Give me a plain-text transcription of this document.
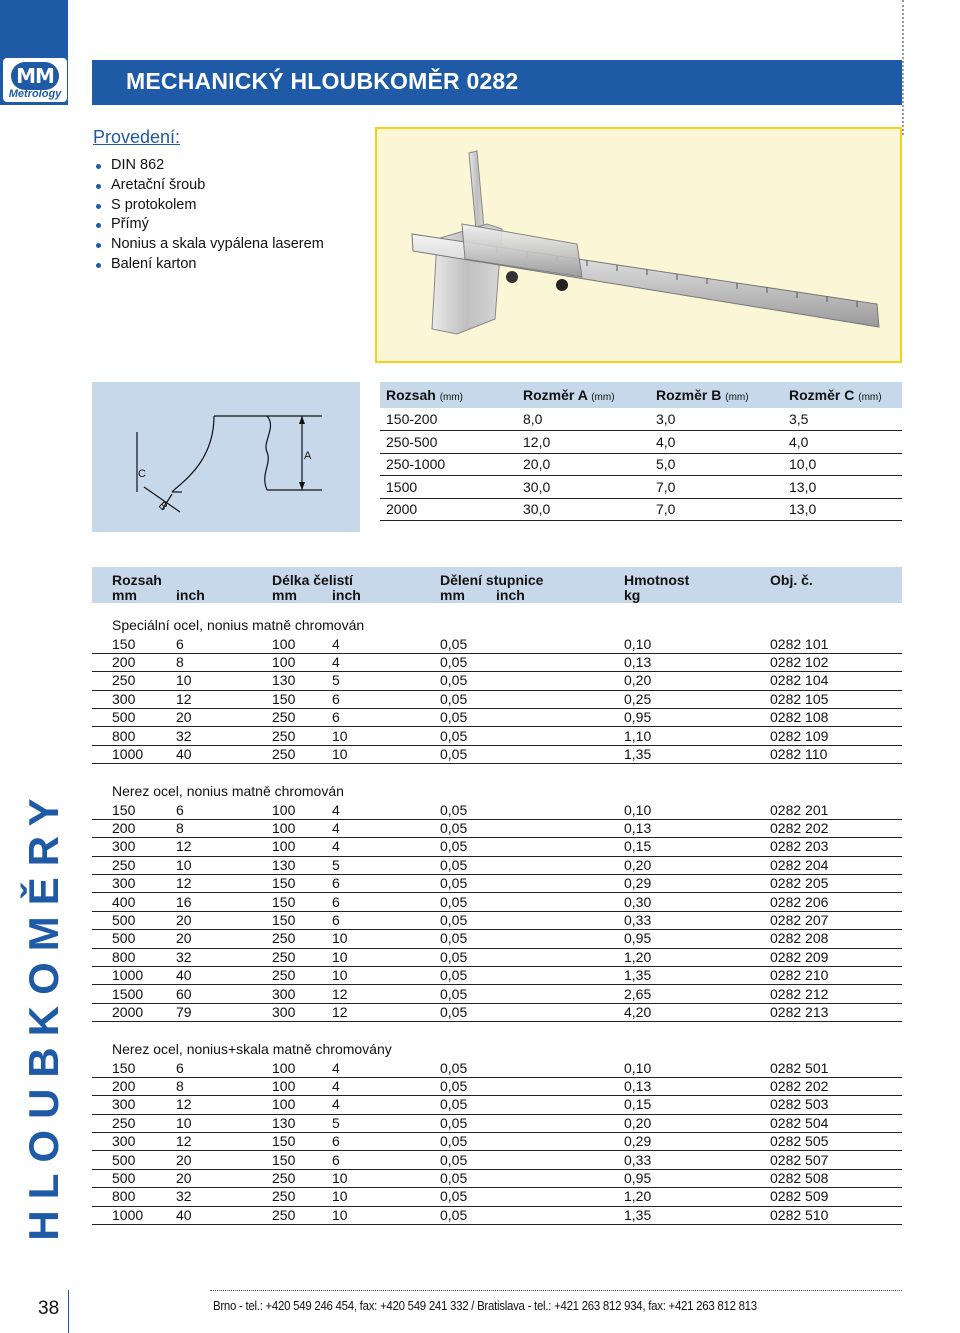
MM
Metrology
HLOUBKOMĚRY
38
MECHANICKÝ HLOUBKOMĚR 0282
Provedení:
DIN 862
Aretační šroub
S protokolem
Přímý
Nonius a skala vypálena laserem
Balení karton
A
B
C
Rozsah (mm)	Rozměr A (mm)	Rozměr B (mm)	Rozměr C (mm)
150-200	8,0	3,0	3,5
250-500	12,0	4,0	4,0
250-1000	20,0	5,0	10,0
1500	30,0	7,0	13,0
2000	30,0	7,0	13,0
Rozsah	Délka čelistí	Dělení stupnice	Hmotnost	Obj. č.
mm	inch	mm	inch	mm inch	kg
Speciální ocel, nonius matně chromován
150	6	100	4	0,05	0,10	0282 101
200	8	100	4	0,05	0,13	0282 102
250	10	130	5	0,05	0,20	0282 104
300	12	150	6	0,05	0,25	0282 105
500	20	250	6	0,05	0,95	0282 108
800	32	250	10	0,05	1,10	0282 109
1000 40	250	10	0,05	1,35	0282 110
Nerez ocel, nonius matně chromován
150	6	100	4	0,05	0,10	0282 201
200	8	100	4	0,05	0,13	0282 202
300	12	100	4	0,05	0,15	0282 203
250	10	130	5	0,05	0,20	0282 204
300	12	150	6	0,05	0,29	0282 205
400	16	150	6	0,05	0,30	0282 206
500	20	150	6	0,05	0,33	0282 207
500	20	250	10	0,05	0,95	0282 208
800	32	250	10	0,05	1,20	0282 209
1000 40	250	10	0,05	1,35	0282 210
1500 60	300	12	0,05	2,65	0282 212
2000 79	300	12	0,05	4,20	0282 213
Nerez ocel, nonius+skala matně chromovány
150	6	100	4	0,05	0,10	0282 501
200	8	100	4	0,05	0,13	0282 202
300	12	100	4	0,05	0,15	0282 503
250	10	130	5	0,05	0,20	0282 504
300	12	150	6	0,05	0,29	0282 505
500	20	150	6	0,05	0,33	0282 507
500	20	250	10	0,05	0,95	0282 508
800	32	250	10	0,05	1,20	0282 509
1000 40	250	10	0,05	1,35	0282 510
Brno - tel.: +420 549 246 454, fax: +420 549 241 332 / Bratislava - tel.: +421 263 812 934, fax: +421 263 812 813
